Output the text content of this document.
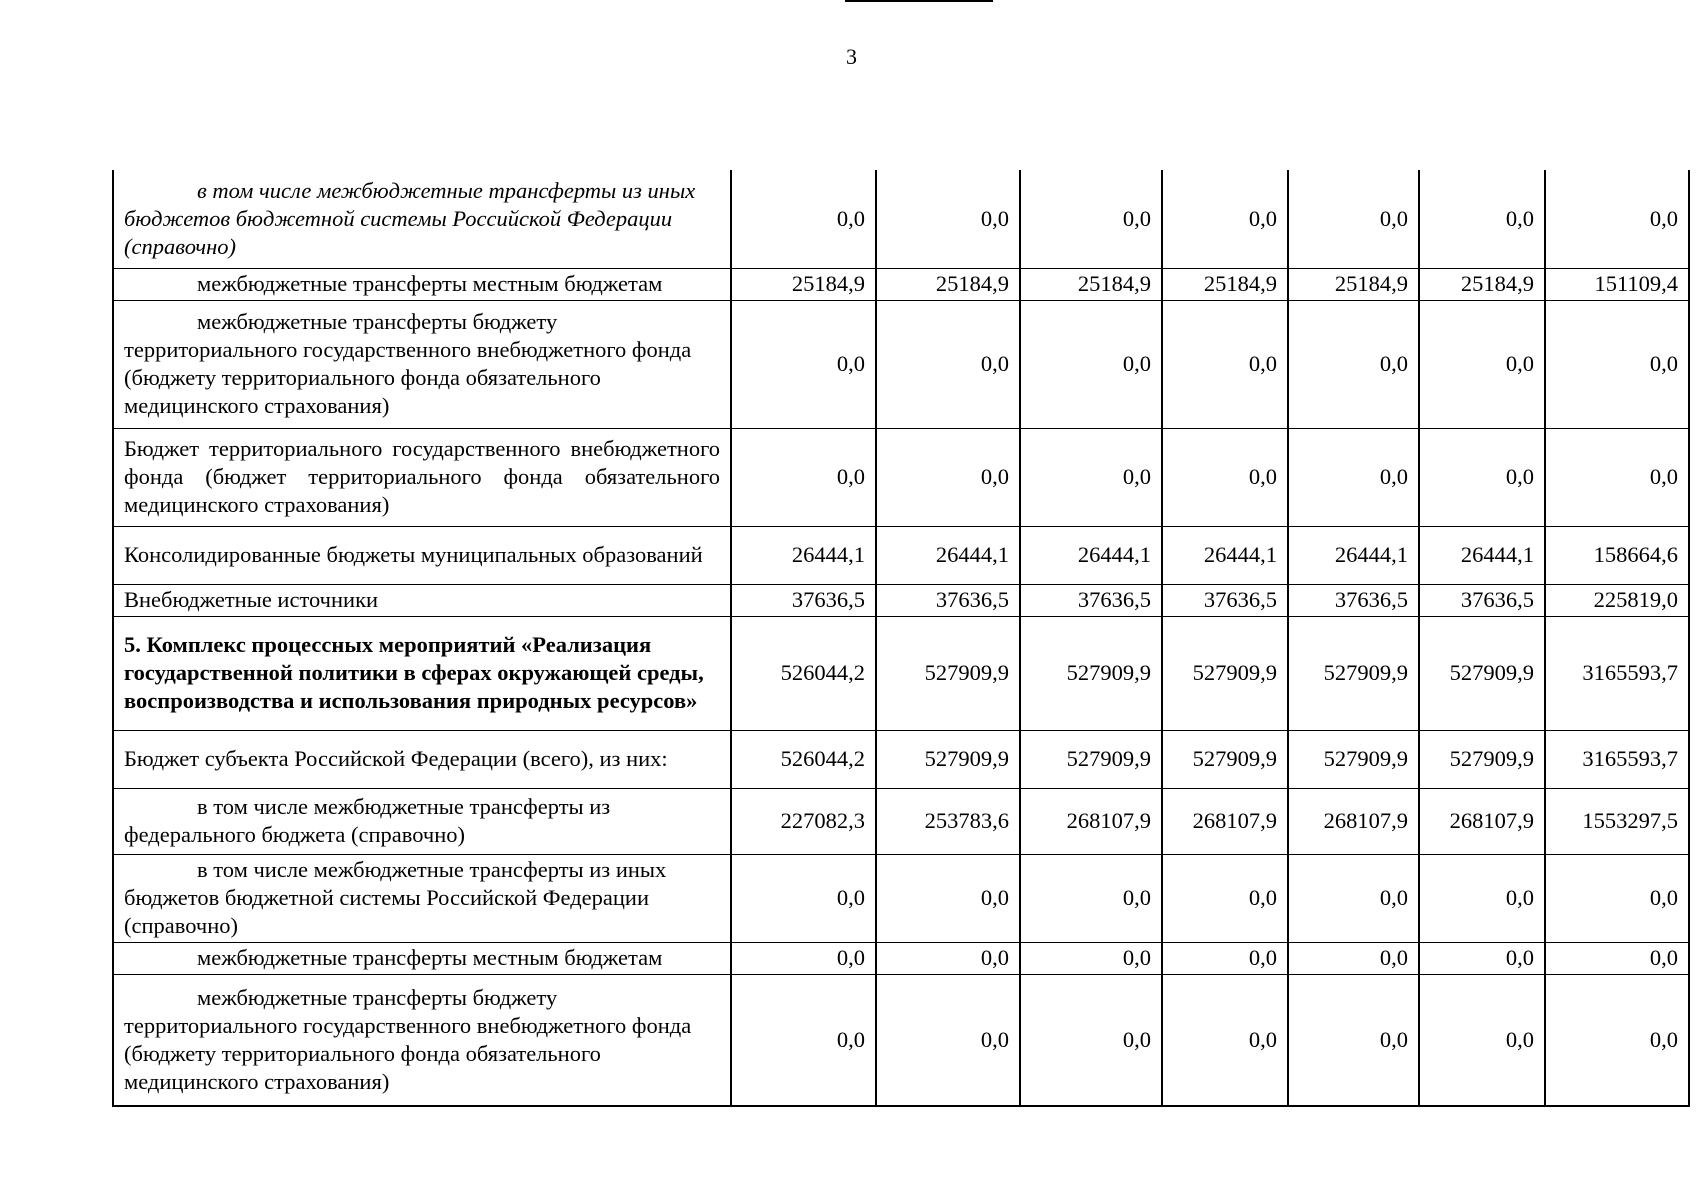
3
в том числе межбюджетные трансферты из иных бюджетов бюджетной системы Российской Федерации (справочно)	0,0	0,0	0,0	0,0	0,0	0,0	0,0
межбюджетные трансферты местным бюджетам	25184,9	25184,9	25184,9	25184,9	25184,9	25184,9	151109,4
межбюджетные трансферты бюджету территориального государственного внебюджетного фонда (бюджету территориального фонда обязательного медицинского страхования)	0,0	0,0	0,0	0,0	0,0	0,0	0,0
Бюджет территориального государственного внебюджетного фонда (бюджет территориального фонда обязательного медицинского страхования)	0,0	0,0	0,0	0,0	0,0	0,0	0,0
Консолидированные бюджеты муниципальных образований	26444,1	26444,1	26444,1	26444,1	26444,1	26444,1	158664,6
Внебюджетные источники	37636,5	37636,5	37636,5	37636,5	37636,5	37636,5	225819,0
5. Комплекс процессных мероприятий «Реализация государственной политики в сферах окружающей среды, воспроизводства и использования природных ресурсов»	526044,2	527909,9	527909,9	527909,9	527909,9	527909,9	3165593,7
Бюджет субъекта Российской Федерации (всего), из них:	526044,2	527909,9	527909,9	527909,9	527909,9	527909,9	3165593,7
в том числе межбюджетные трансферты из федерального бюджета (справочно)	227082,3	253783,6	268107,9	268107,9	268107,9	268107,9	1553297,5
в том числе межбюджетные трансферты из иных бюджетов бюджетной системы Российской Федерации (справочно)	0,0	0,0	0,0	0,0	0,0	0,0	0,0
межбюджетные трансферты местным бюджетам	0,0	0,0	0,0	0,0	0,0	0,0	0,0
межбюджетные трансферты бюджету территориального государственного внебюджетного фонда (бюджету территориального фонда обязательного медицинского страхования)	0,0	0,0	0,0	0,0	0,0	0,0	0,0
